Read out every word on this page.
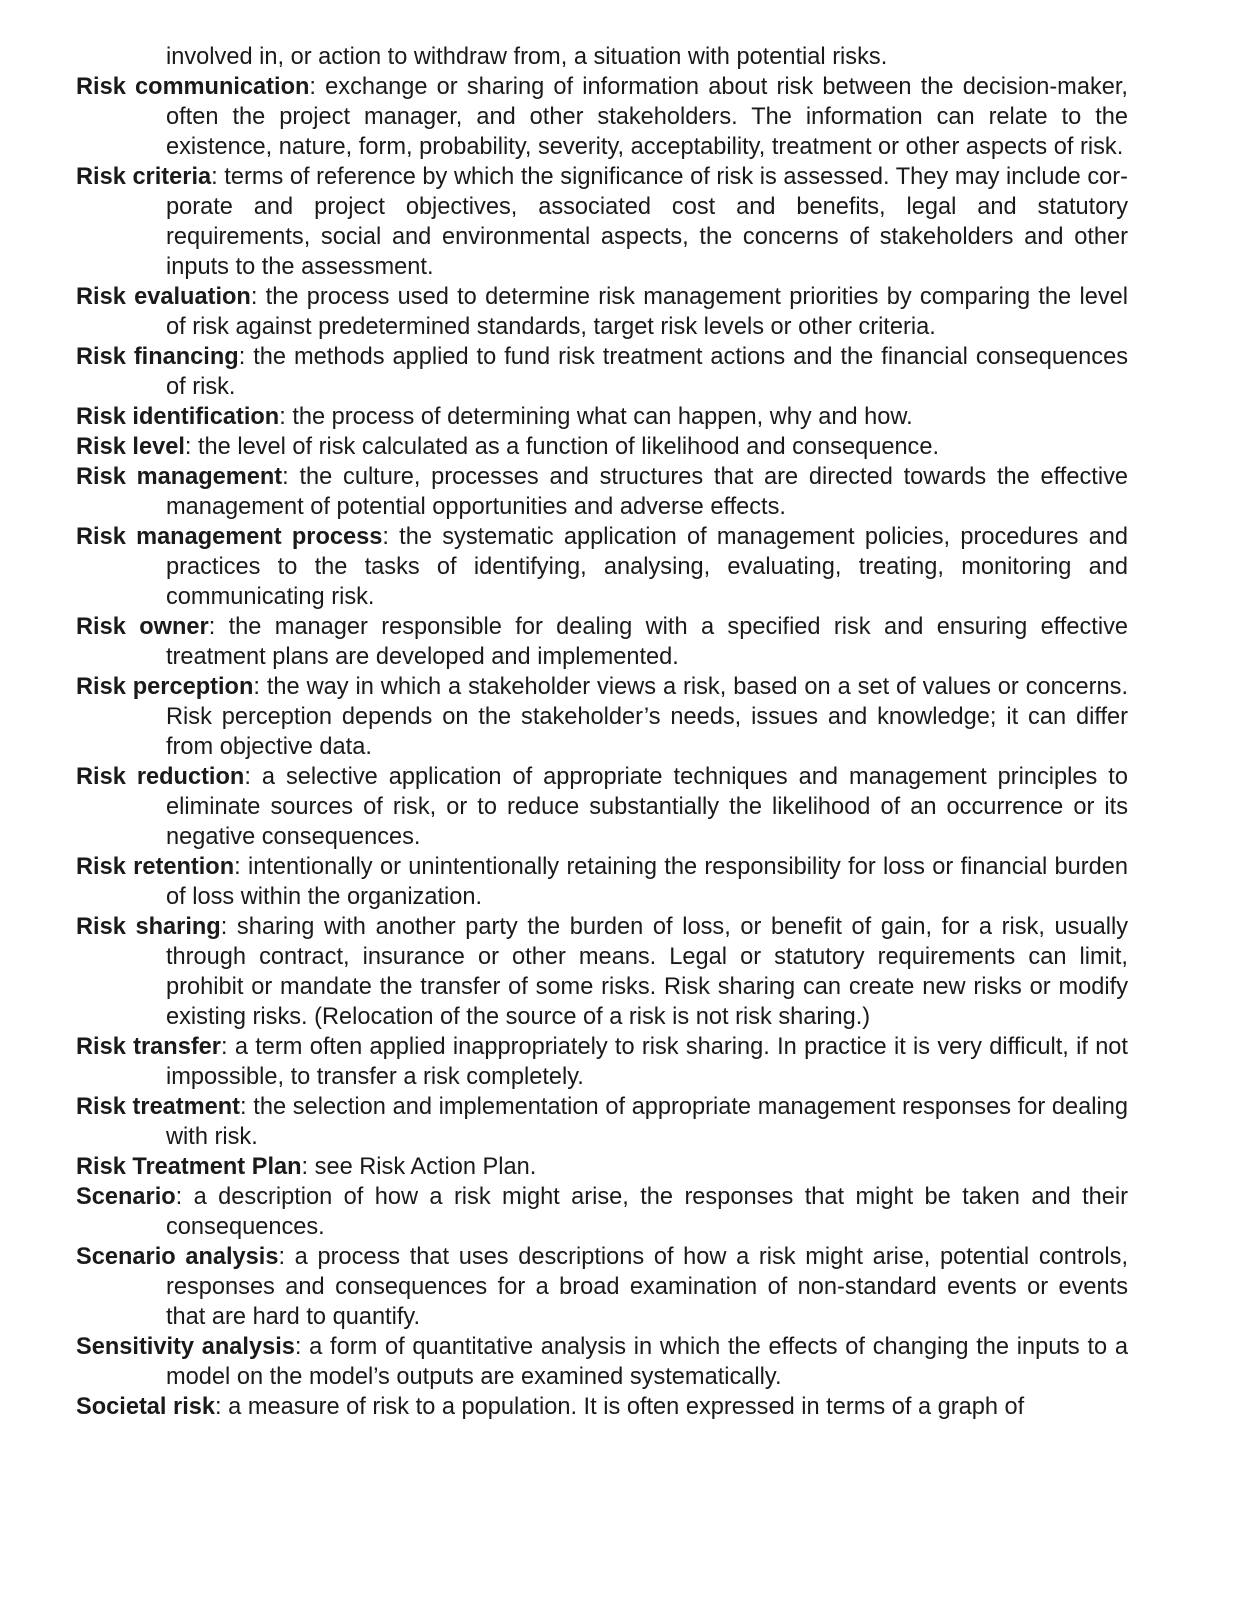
involved in, or action to withdraw from, a situation with potential risks.
Risk communication: exchange or sharing of information about risk between the decision-maker, often the project manager, and other stakeholders. The information can relate to the existence, nature, form, probability, severity, acceptability, treatment or other aspects of risk.
Risk criteria: terms of reference by which the significance of risk is assessed. They may include cor- porate and project objectives, associated cost and benefits, legal and statutory requirements, social and environmental aspects, the concerns of stakeholders and other inputs to the assessment.
Risk evaluation: the process used to determine risk management priorities by comparing the level of risk against predetermined standards, target risk levels or other criteria.
Risk financing: the methods applied to fund risk treatment actions and the financial consequences of risk.
Risk identification: the process of determining what can happen, why and how.
Risk level: the level of risk calculated as a function of likelihood and consequence.
Risk management: the culture, processes and structures that are directed towards the effective management of potential opportunities and adverse effects.
Risk management process: the systematic application of management policies, procedures and practices to the tasks of identifying, analysing, evaluating, treating, monitoring and communicating risk.
Risk owner: the manager responsible for dealing with a specified risk and ensuring effective treatment plans are developed and implemented.
Risk perception: the way in which a stakeholder views a risk, based on a set of values or concerns. Risk perception depends on the stakeholder’s needs, issues and knowledge; it can differ from objective data.
Risk reduction: a selective application of appropriate techniques and management principles to eliminate sources of risk, or to reduce substantially the likelihood of an occurrence or its negative consequences.
Risk retention: intentionally or unintentionally retaining the responsibility for loss or financial burden of loss within the organization.
Risk sharing: sharing with another party the burden of loss, or benefit of gain, for a risk, usually through contract, insurance or other means. Legal or statutory requirements can limit, prohibit or mandate the transfer of some risks. Risk sharing can create new risks or modify existing risks. (Relocation of the source of a risk is not risk sharing.)
Risk transfer: a term often applied inappropriately to risk sharing. In practice it is very difficult, if not impossible, to transfer a risk completely.
Risk treatment: the selection and implementation of appropriate management responses for dealing with risk.
Risk Treatment Plan: see Risk Action Plan.
Scenario: a description of how a risk might arise, the responses that might be taken and their consequences.
Scenario analysis: a process that uses descriptions of how a risk might arise, potential controls, responses and consequences for a broad examination of non-standard events or events that are hard to quantify.
Sensitivity analysis: a form of quantitative analysis in which the effects of changing the inputs to a model on the model’s outputs are examined systematically.
Societal risk: a measure of risk to a population. It is often expressed in terms of a graph of
